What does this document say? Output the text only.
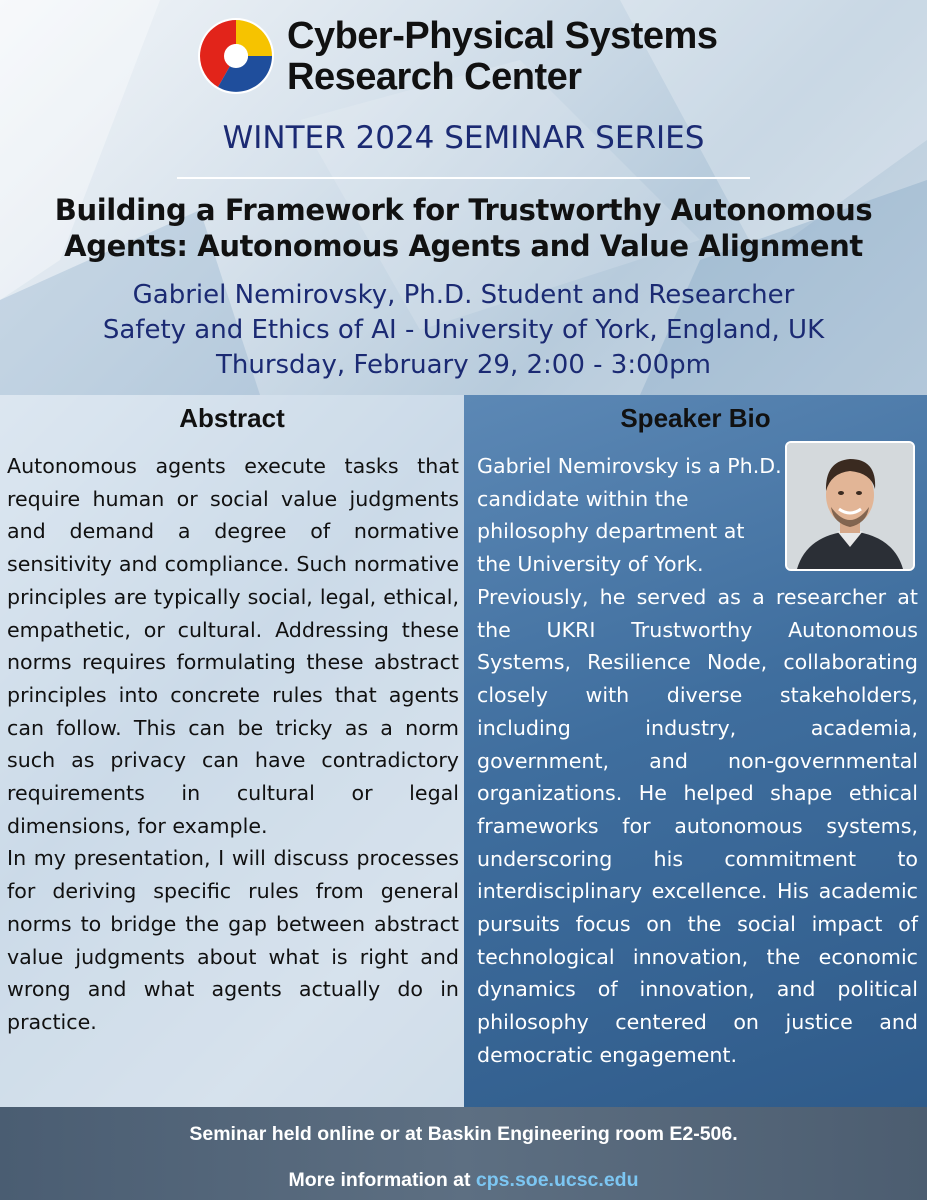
Cyber-Physical Systems
Research Center
WINTER 2024 SEMINAR SERIES
Building a Framework for Trustworthy Autonomous
Agents: Autonomous Agents and Value Alignment
Gabriel Nemirovsky, Ph.D. Student and Researcher
Safety and Ethics of AI - University of York, England, UK
Thursday, February 29, 2:00 - 3:00pm
Abstract	Speaker Bio
Autonomous agents execute tasks that require human or social value judgments and demand a degree of normative sensitivity and compliance. Such normative principles are typically social, legal, ethical, empathetic, or cultural. Addressing these norms requires formulating these abstract principles into concrete rules that agents can follow. This can be tricky as a norm such as privacy can have contradictory requirements in cultural or legal dimensions, for example.
In my presentation, I will discuss processes for deriving specific rules from general norms to bridge the gap between abstract value judgments about what is right and wrong and what agents actually do in practice.
Gabriel Nemirovsky is a Ph.D. candidate within the philosophy department at the University of York.
Previously, he served as a researcher at the UKRI Trustworthy Autonomous Systems, Resilience Node, collaborating closely with diverse stakeholders, including industry, academia, government, and non-governmental organizations. He helped shape ethical frameworks for autonomous systems, underscoring his commitment to interdisciplinary excellence. His academic pursuits focus on the social impact of technological innovation, the economic dynamics of innovation, and political philosophy centered on justice and democratic engagement.
Seminar held online or at Baskin Engineering room E2-506.
More information at cps.soe.ucsc.edu
